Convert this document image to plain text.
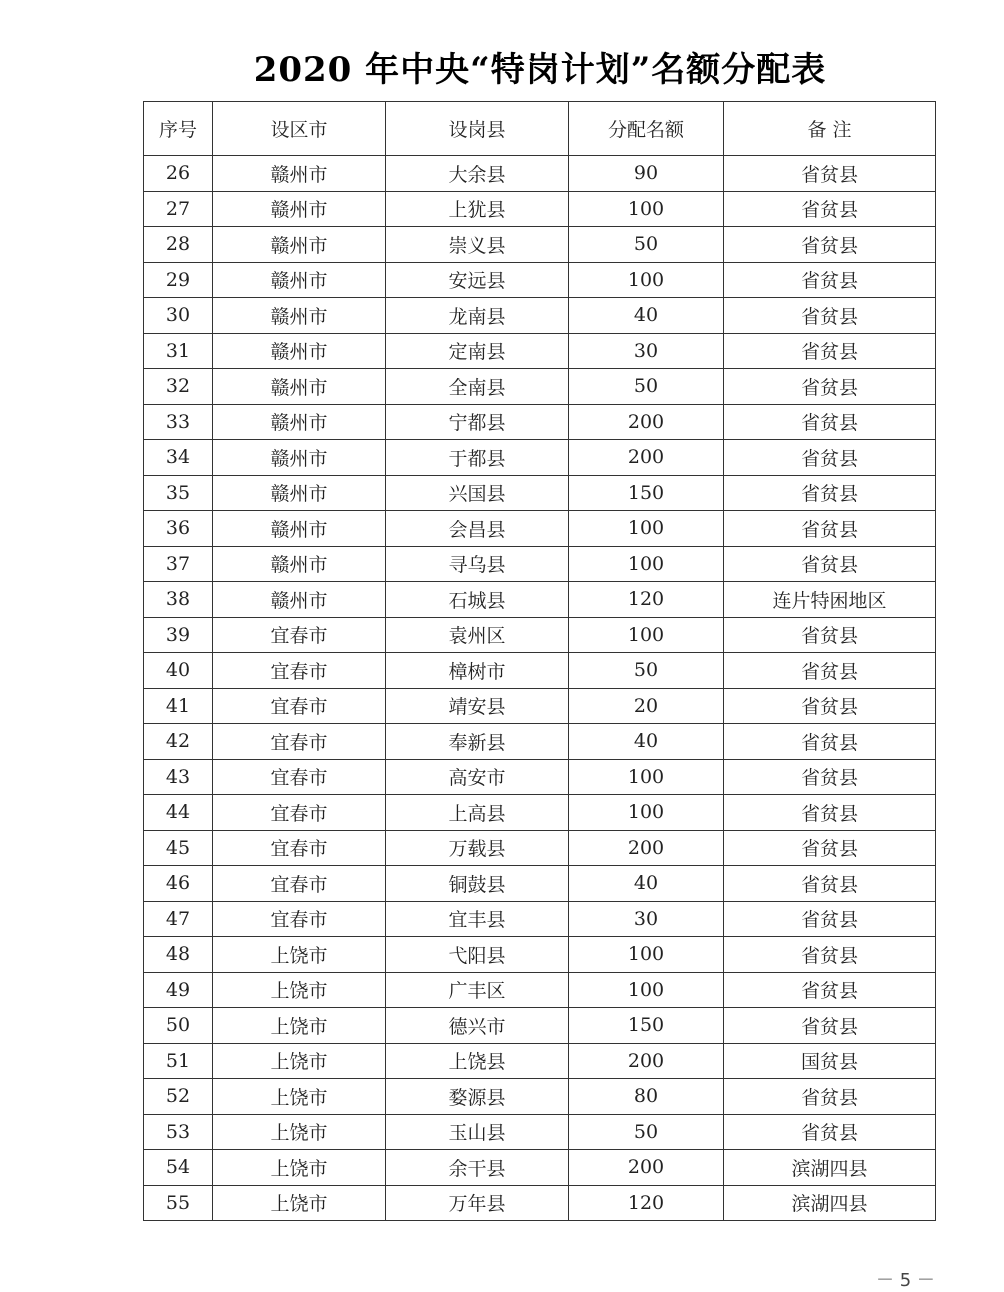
2020 年中央“特岗计划”名额分配表
序号	设区市	设岗县	分配名额	备 注
26	赣州市	大余县	90	省贫县
27	赣州市	上犹县	100	省贫县
28	赣州市	崇义县	50	省贫县
29	赣州市	安远县	100	省贫县
30	赣州市	龙南县	40	省贫县
31	赣州市	定南县	30	省贫县
32	赣州市	全南县	50	省贫县
33	赣州市	宁都县	200	省贫县
34	赣州市	于都县	200	省贫县
35	赣州市	兴国县	150	省贫县
36	赣州市	会昌县	100	省贫县
37	赣州市	寻乌县	100	省贫县
38	赣州市	石城县	120	连片特困地区
39	宜春市	袁州区	100	省贫县
40	宜春市	樟树市	50	省贫县
41	宜春市	靖安县	20	省贫县
42	宜春市	奉新县	40	省贫县
43	宜春市	高安市	100	省贫县
44	宜春市	上高县	100	省贫县
45	宜春市	万载县	200	省贫县
46	宜春市	铜鼓县	40	省贫县
47	宜春市	宜丰县	30	省贫县
48	上饶市	弋阳县	100	省贫县
49	上饶市	广丰区	100	省贫县
50	上饶市	德兴市	150	省贫县
51	上饶市	上饶县	200	国贫县
52	上饶市	婺源县	80	省贫县
53	上饶市	玉山县	50	省贫县
54	上饶市	余干县	200	滨湖四县
55	上饶市	万年县	120	滨湖四县
－ 5 －
